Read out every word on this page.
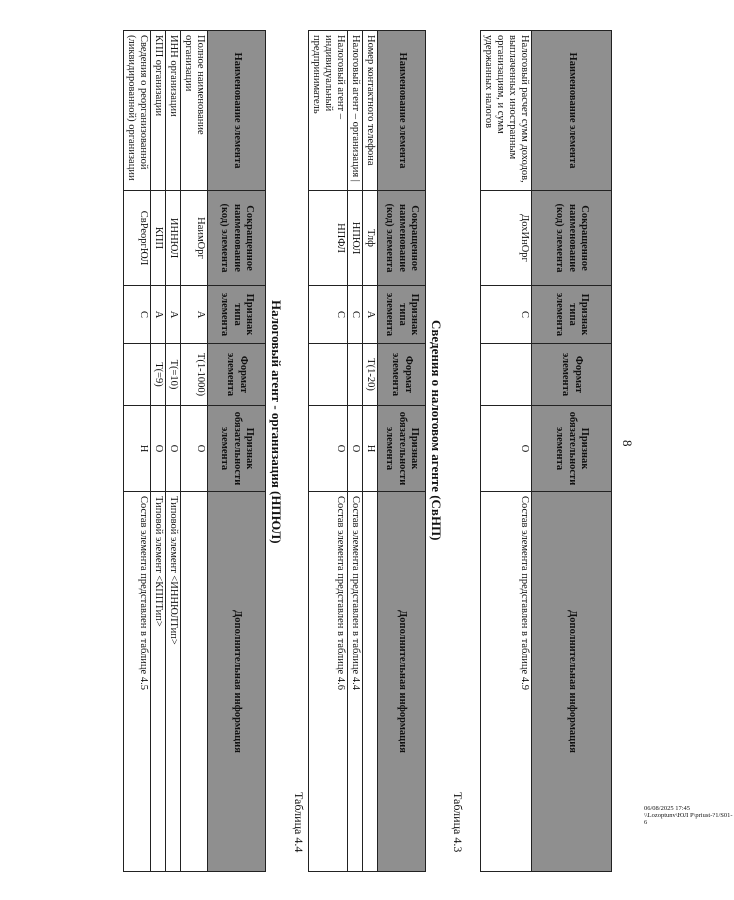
8
Наименование элемента	Сокращенное наименование (код) элемента	Признак типа элемента	Формат элемента	Признак обязательности элемента	Дополнительная информация
Налоговый расчет сумм доходов, выплаченных иностранным организациям, и сумм удержанных налогов	ДохИнОрг	С		О	Состав элемента представлен в таблице 4.9
Таблица 4.3
Сведения о налоговом агенте (СвНП)
Наименование элемента	Сокращенное наименование (код) элемента	Признак типа элемента	Формат элемента	Признак обязательности элемента	Дополнительная информация
Номер контактного телефона	Тлф	А	T(1-20)	Н	
Налоговый агент – организация |	НПЮЛ	С		О	Состав элемента представлен в таблице 4.4
Налоговый агент – индивидуальный предприниматель	НПФЛ	С		О	Состав элемента представлен в таблице 4.6
Таблица 4.4
Налоговый агент - организация (НПЮЛ)
Наименование элемента	Сокращенное наименование (код) элемента	Признак типа элемента	Формат элемента	Признак обязательности элемента	Дополнительная информация
Полное наименование организации	НаимОрг	А	T(1-1000)	О	
ИНН организации	ИННЮЛ	А	T(=10)	О	Типовой элемент <ИННЮЛТип>
КПП организации	КПП	А	T(=9)	О	Типовой элемент <КППТип>
Сведения о реорганизованной (ликвидированной) организации	СвРеоргЮЛ	С		Н	Состав элемента представлен в таблице 4.5
06/08/2025 17:45
\\Lozoptunv\ЮЛ P\priust-?1/S01-6
